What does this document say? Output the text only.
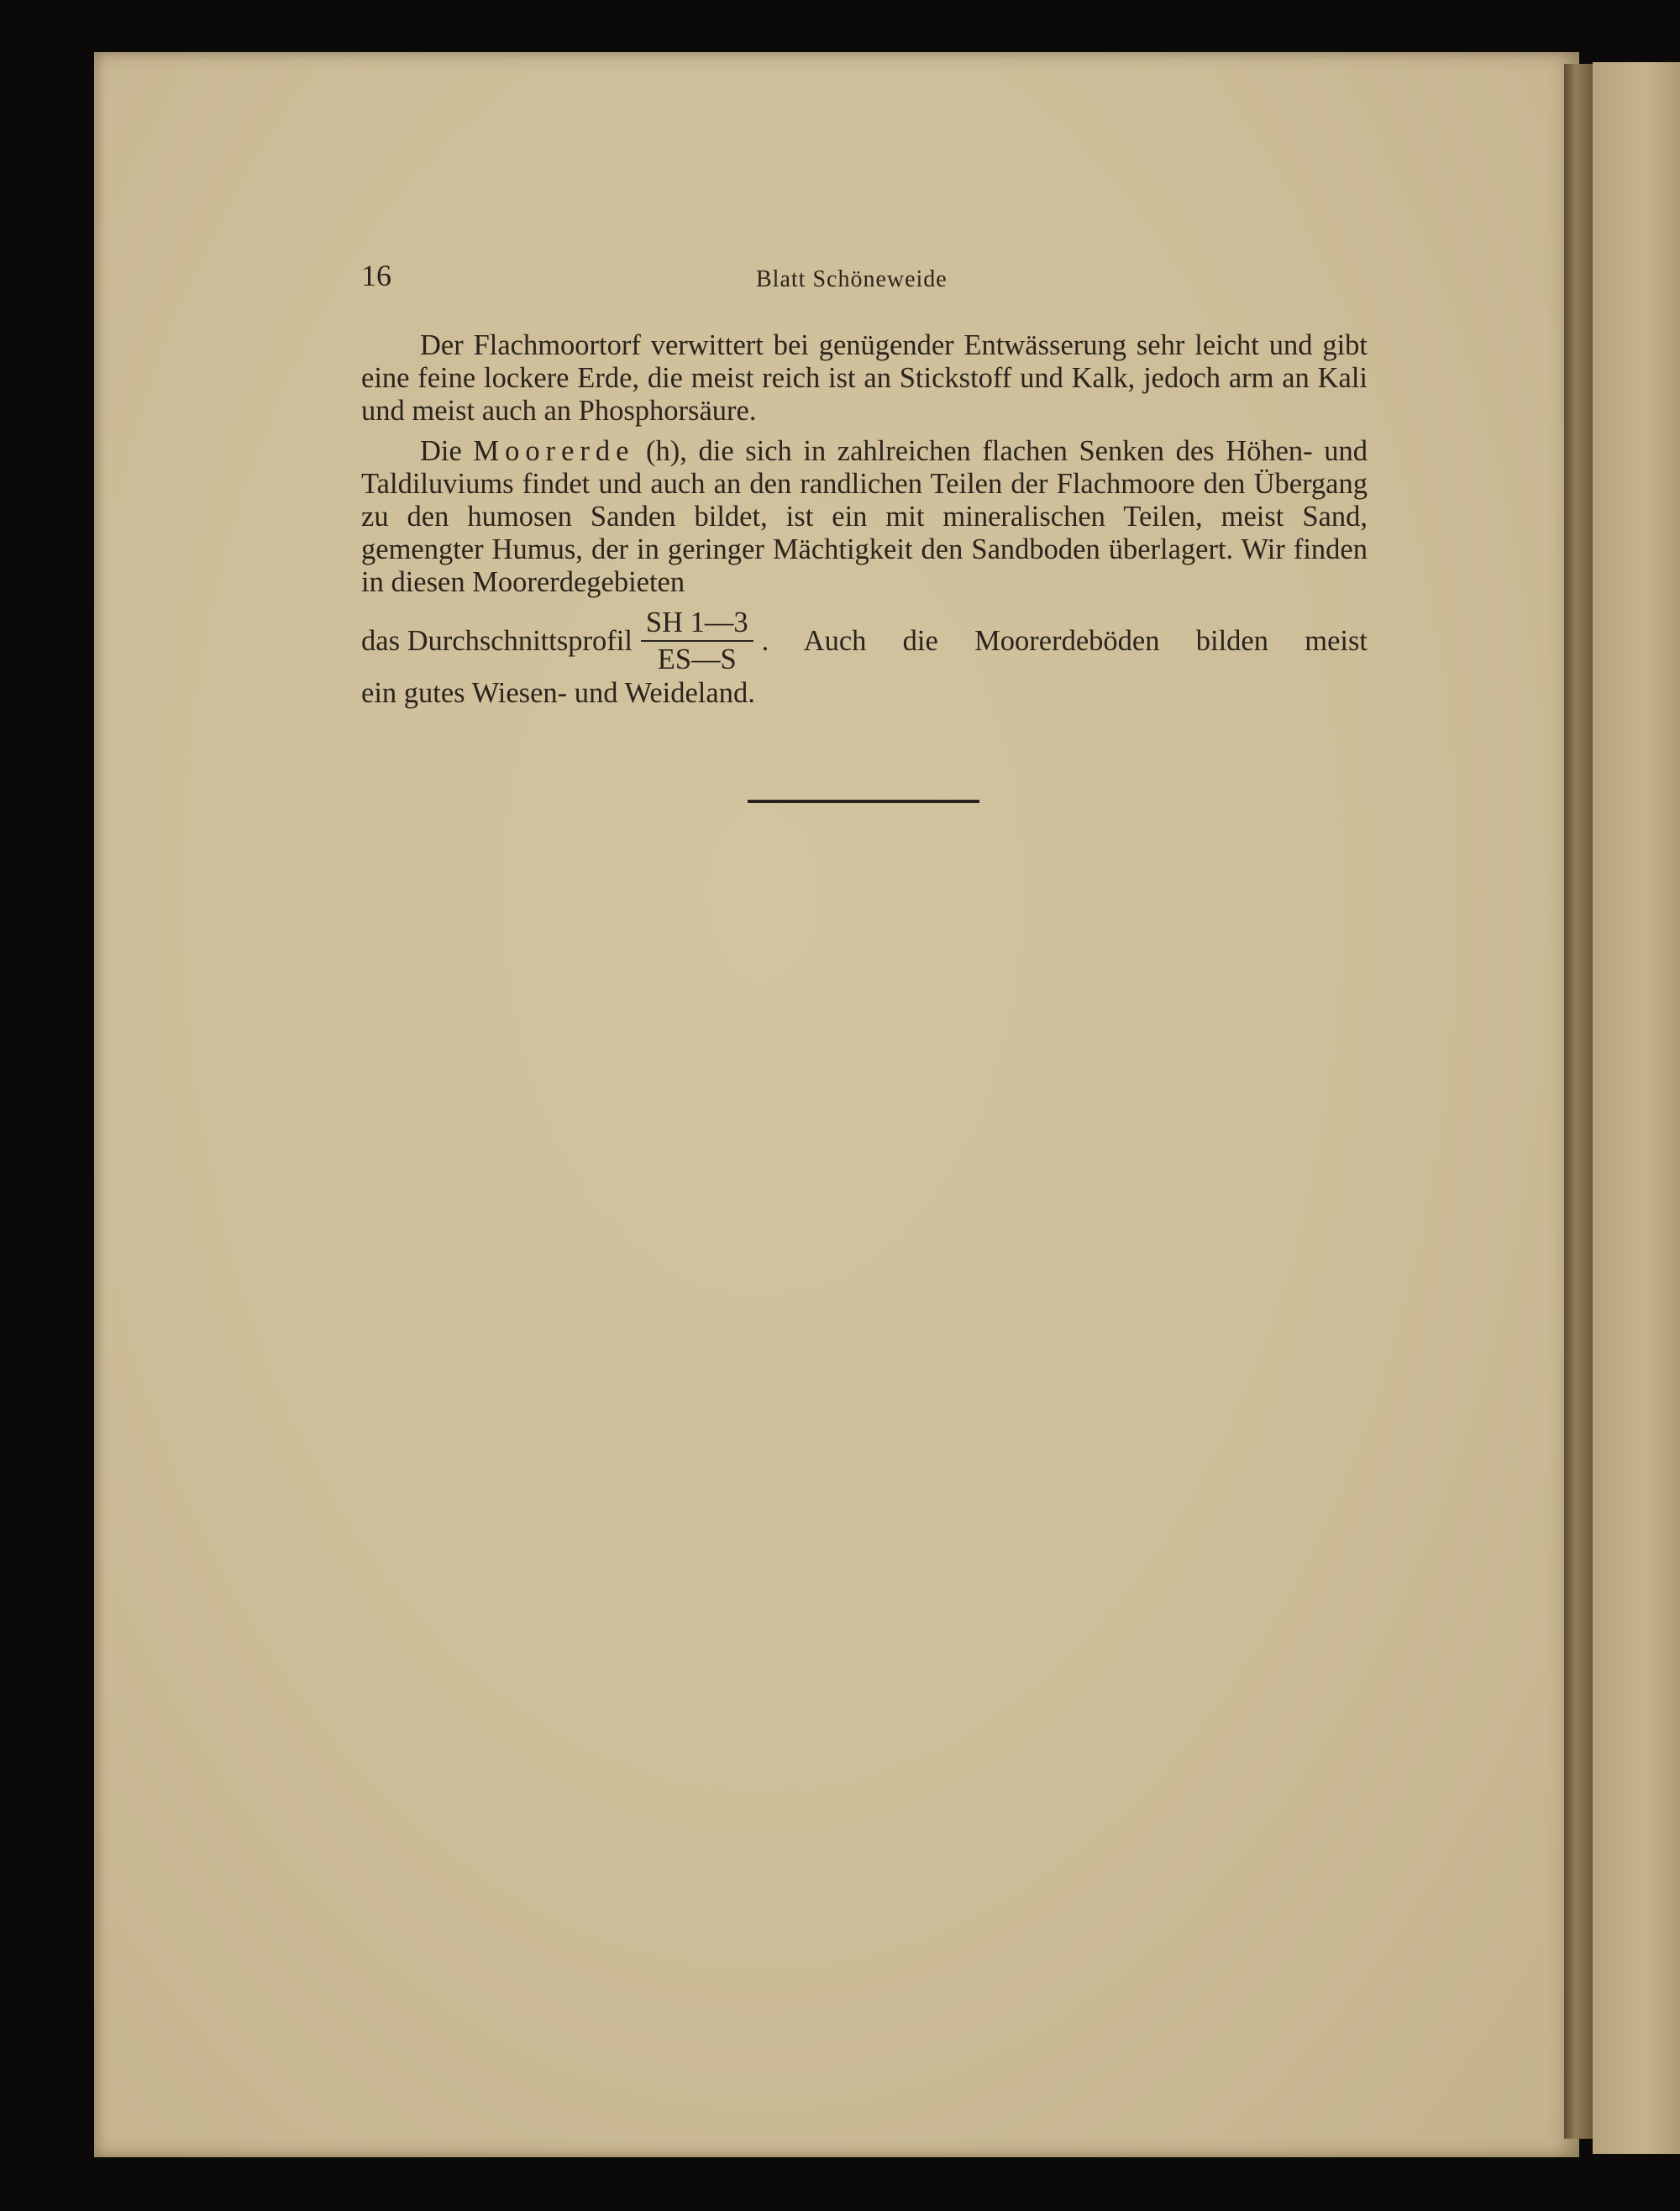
16	Blatt Schöneweide

Der Flachmoortorf verwittert bei genügender Entwässerung sehr leicht und gibt eine feine lockere Erde, die meist reich ist an Stickstoff und Kalk, jedoch arm an Kali und meist auch an Phosphorsäure.

Die Moorerde (h), die sich in zahlreichen flachen Senken des Höhen- und Taldiluviums findet und auch an den randlichen Teilen der Flachmoore den Übergang zu den humosen Sanden bildet, ist ein mit mineralischen Teilen, meist Sand, gemengter Humus, der in geringer Mächtigkeit den Sandboden überlagert. Wir finden in diesen Moorerdegebieten
das Durchschnittsprofil $\frac{SH 1—3}{ES—S}$ . Auch die Moorerdeböden bilden meist
ein gutes Wiesen- und Weideland.
